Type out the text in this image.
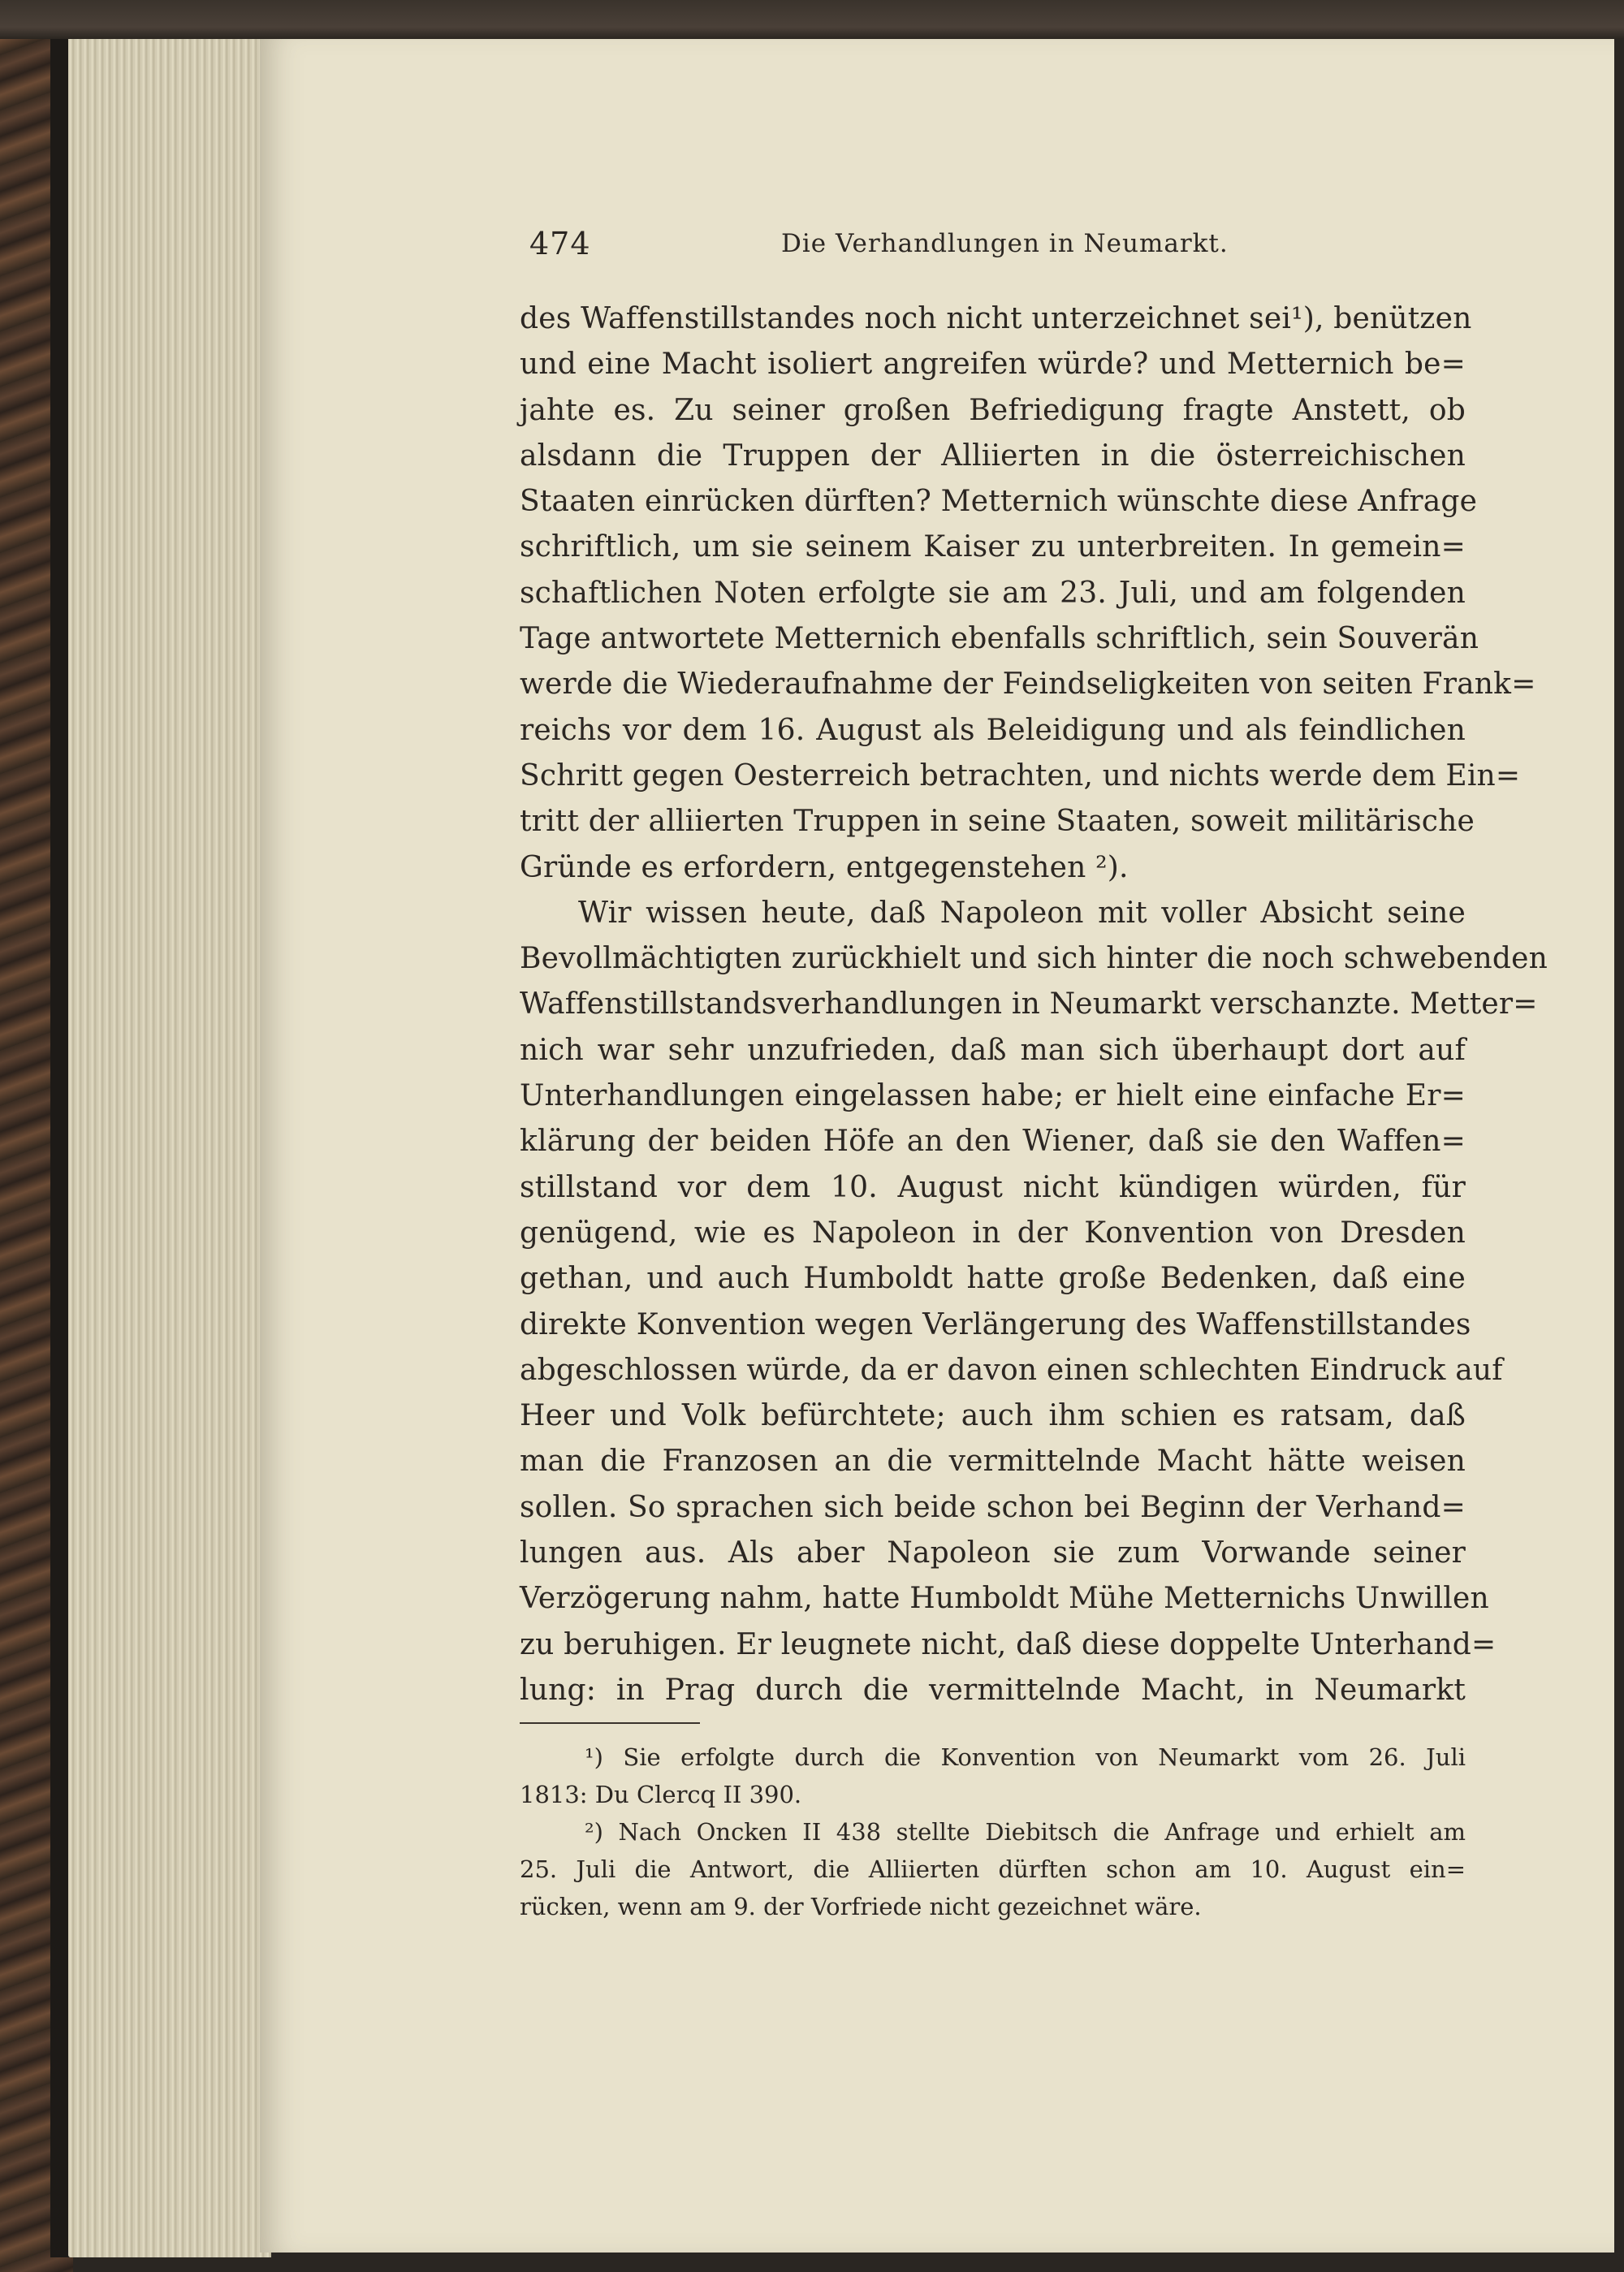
474	Die Verhandlungen in Neumarkt.
des Waffenstillstandes noch nicht unterzeichnet sei¹), benützen
und eine Macht isoliert angreifen würde? und Metternich be=
jahte es. Zu seiner großen Befriedigung fragte Anstett, ob
alsdann die Truppen der Alliierten in die österreichischen
Staaten einrücken dürften? Metternich wünschte diese Anfrage
schriftlich, um sie seinem Kaiser zu unterbreiten. In gemein=
schaftlichen Noten erfolgte sie am 23. Juli, und am folgenden
Tage antwortete Metternich ebenfalls schriftlich, sein Souverän
werde die Wiederaufnahme der Feindseligkeiten von seiten Frank=
reichs vor dem 16. August als Beleidigung und als feindlichen
Schritt gegen Oesterreich betrachten, und nichts werde dem Ein=
tritt der alliierten Truppen in seine Staaten, soweit militärische
Gründe es erfordern, entgegenstehen ²).
Wir wissen heute, daß Napoleon mit voller Absicht seine
Bevollmächtigten zurückhielt und sich hinter die noch schwebenden
Waffenstillstandsverhandlungen in Neumarkt verschanzte. Metter=
nich war sehr unzufrieden, daß man sich überhaupt dort auf
Unterhandlungen eingelassen habe; er hielt eine einfache Er=
klärung der beiden Höfe an den Wiener, daß sie den Waffen=
stillstand vor dem 10. August nicht kündigen würden, für
genügend, wie es Napoleon in der Konvention von Dresden
gethan, und auch Humboldt hatte große Bedenken, daß eine
direkte Konvention wegen Verlängerung des Waffenstillstandes
abgeschlossen würde, da er davon einen schlechten Eindruck auf
Heer und Volk befürchtete; auch ihm schien es ratsam, daß
man die Franzosen an die vermittelnde Macht hätte weisen
sollen. So sprachen sich beide schon bei Beginn der Verhand=
lungen aus. Als aber Napoleon sie zum Vorwande seiner
Verzögerung nahm, hatte Humboldt Mühe Metternichs Unwillen
zu beruhigen. Er leugnete nicht, daß diese doppelte Unterhand=
lung: in Prag durch die vermittelnde Macht, in Neumarkt
¹) Sie erfolgte durch die Konvention von Neumarkt vom 26. Juli
1813: Du Clercq II 390.
²) Nach Oncken II 438 stellte Diebitsch die Anfrage und erhielt am
25. Juli die Antwort, die Alliierten dürften schon am 10. August ein=
rücken, wenn am 9. der Vorfriede nicht gezeichnet wäre.
